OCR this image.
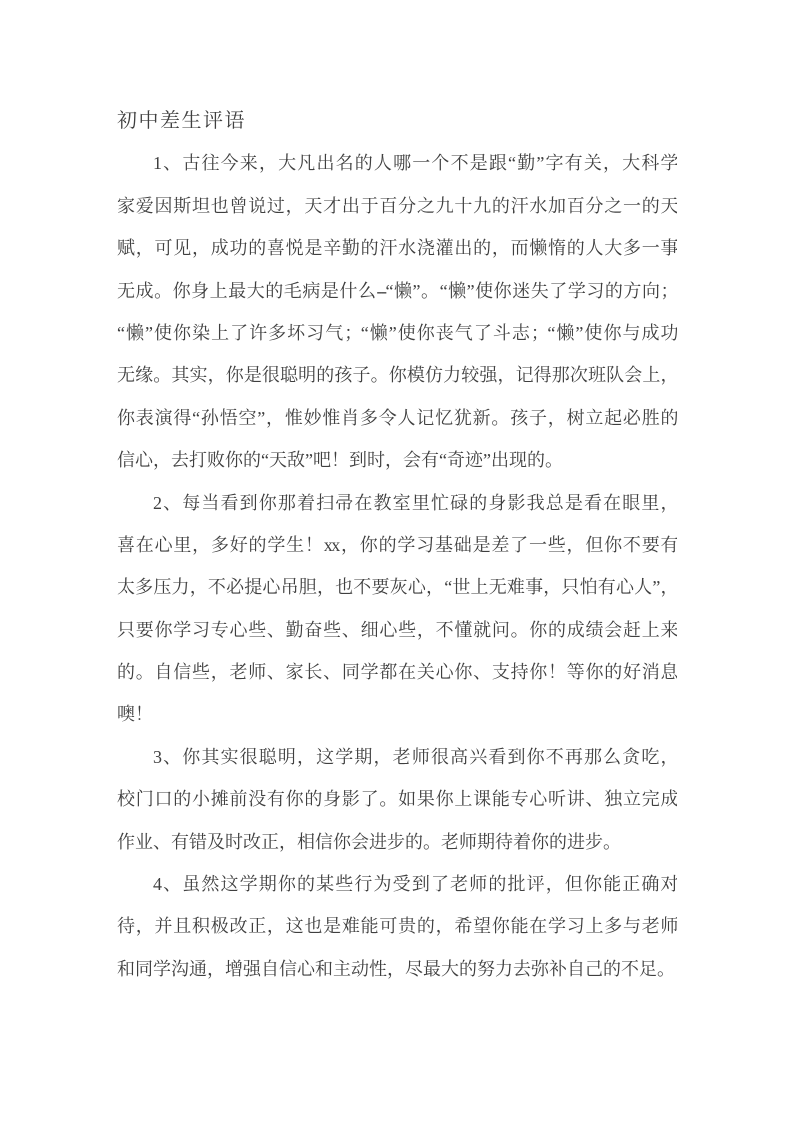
初中差生评语
1、古往今来，大凡出名的人哪一个不是跟“勤”字有关，大科学
家爱因斯坦也曾说过，天才出于百分之九十九的汗水加百分之一的天
赋，可见，成功的喜悦是辛勤的汗水浇灌出的，而懒惰的人大多一事
无成。你身上最大的毛病是什么--“懒”。“懒”使你迷失了学习的方向；
“懒”使你染上了许多坏习气；“懒”使你丧气了斗志；“懒”使你与成功
无缘。其实，你是很聪明的孩子。你模仿力较强，记得那次班队会上，
你表演得“孙悟空”，惟妙惟肖多令人记忆犹新。孩子，树立起必胜的
信心，去打败你的“天敌”吧！到时，会有“奇迹”出现的。
2、每当看到你那着扫帚在教室里忙碌的身影我总是看在眼里，
喜在心里，多好的学生！xx，你的学习基础是差了一些，但你不要有
太多压力，不必提心吊胆，也不要灰心，“世上无难事，只怕有心人”，
只要你学习专心些、勤奋些、细心些，不懂就问。你的成绩会赶上来
的。自信些，老师、家长、同学都在关心你、支持你！等你的好消息
噢！
3、你其实很聪明，这学期，老师很高兴看到你不再那么贪吃，
校门口的小摊前没有你的身影了。如果你上课能专心听讲、独立完成
作业、有错及时改正，相信你会进步的。老师期待着你的进步。
4、虽然这学期你的某些行为受到了老师的批评，但你能正确对
待，并且积极改正，这也是难能可贵的，希望你能在学习上多与老师
和同学沟通，增强自信心和主动性，尽最大的努力去弥补自己的不足。
